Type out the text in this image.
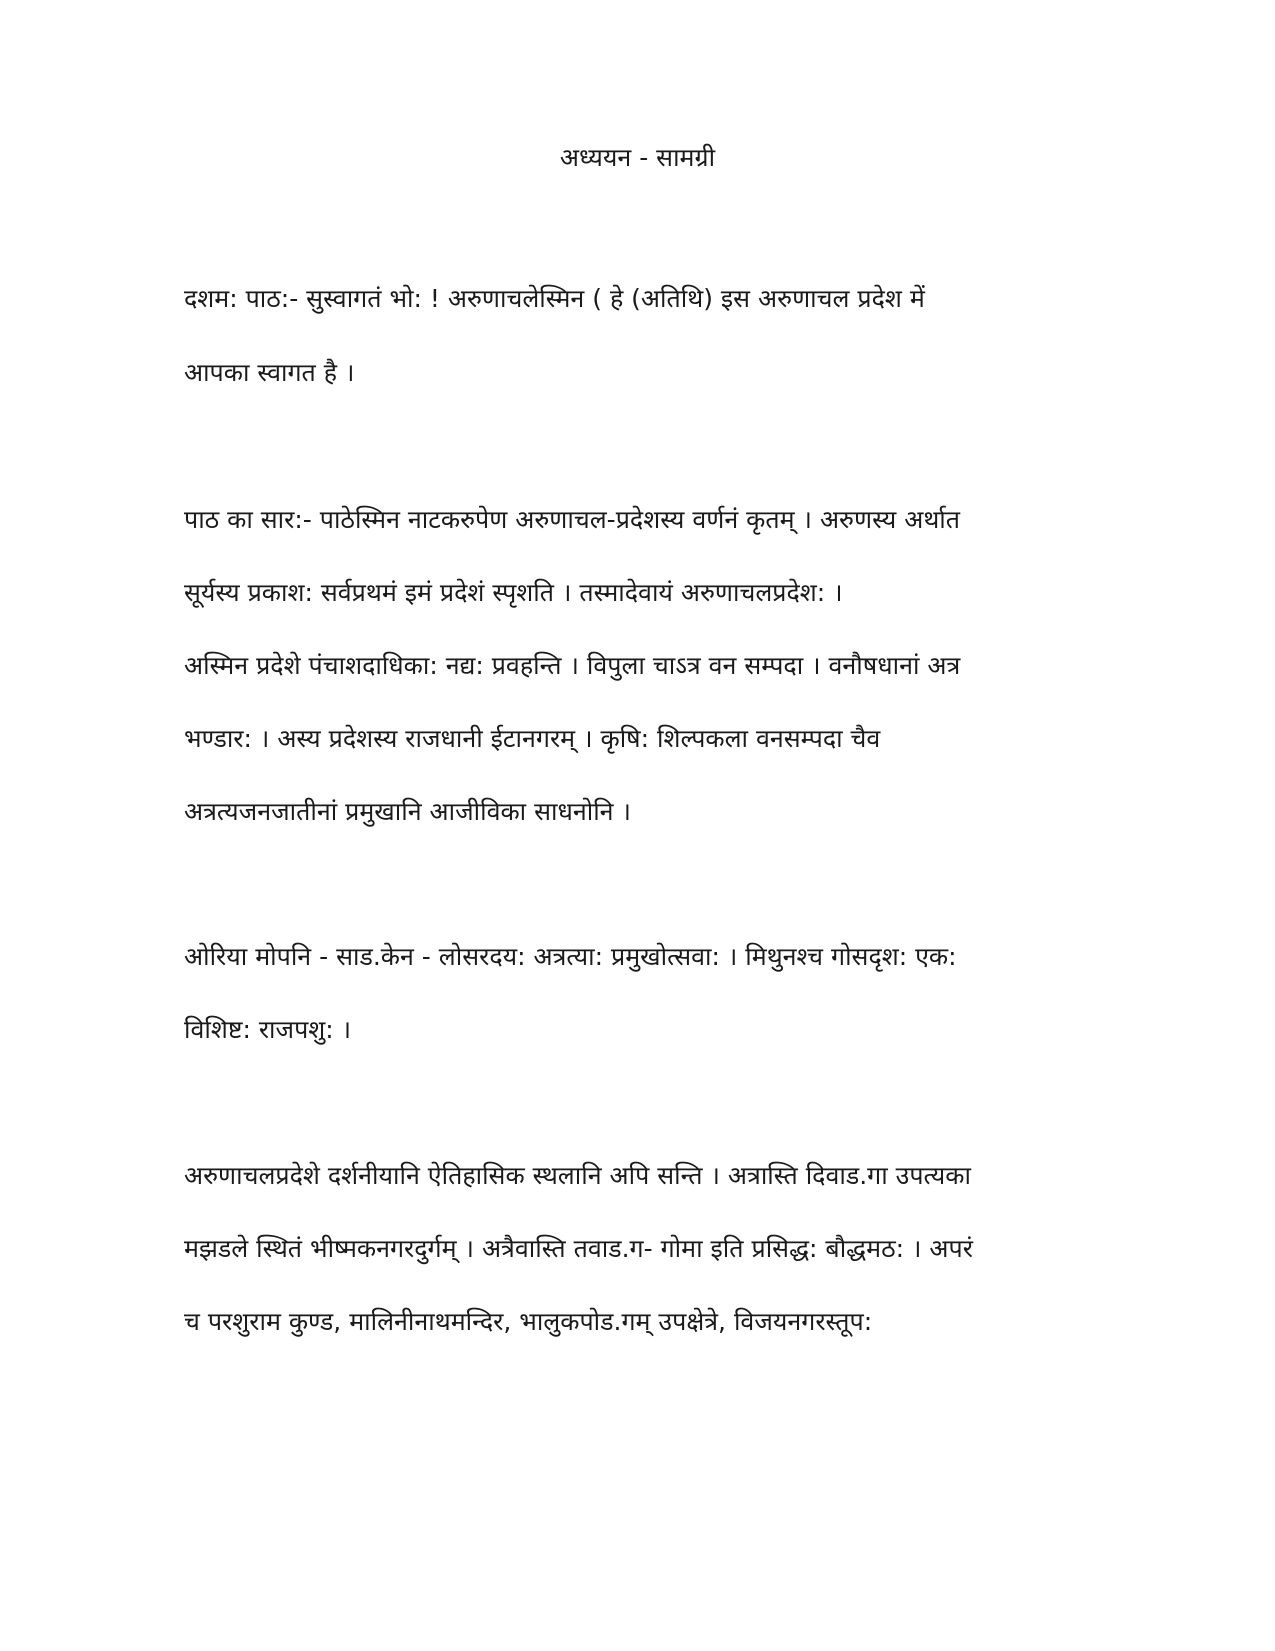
अध्ययन - सामग्री
दशम: पाठ:- सुस्वागतं भो: ! अरुणाचलेस्मिन ( हे (अतिथि) इस अरुणाचल प्रदेश में
आपका स्वागत है ।
पाठ का सार:- पाठेस्मिन नाटकरुपेण अरुणाचल-प्रदेशस्य वर्णनं कृतम् । अरुणस्य अर्थात
सूर्यस्य प्रकाश: सर्वप्रथमं इमं प्रदेशं स्पृशति । तस्मादेवायं अरुणाचलप्रदेश: ।
अस्मिन प्रदेशे पंचाशदाधिका: नद्य: प्रवहन्ति । विपुला चाऽत्र वन सम्पदा । वनौषधानां अत्र
भण्डार: । अस्य प्रदेशस्य राजधानी ईटानगरम् । कृषि: शिल्पकला वनसम्पदा चैव
अत्रत्यजनजातीनां प्रमुखानि आजीविका साधनोनि ।
ओरिया मोपनि - साड.केन - लोसरदय: अत्रत्या: प्रमुखोत्सवा: । मिथुनश्च गोसदृश: एक:
विशिष्ट: राजपशु: ।
अरुणाचलप्रदेशे दर्शनीयानि ऐतिहासिक स्थलानि अपि सन्ति । अत्रास्ति दिवाड.गा उपत्यका
मझडले स्थितं भीष्मकनगरदुर्गम् । अत्रैवास्ति तवाड.ग- गोमा इति प्रसिद्ध: बौद्धमठ: । अपरं
च परशुराम कुण्ड, मालिनीनाथमन्दिर, भालुकपोड.गम् उपक्षेत्रे, विजयनगरस्तूप:
